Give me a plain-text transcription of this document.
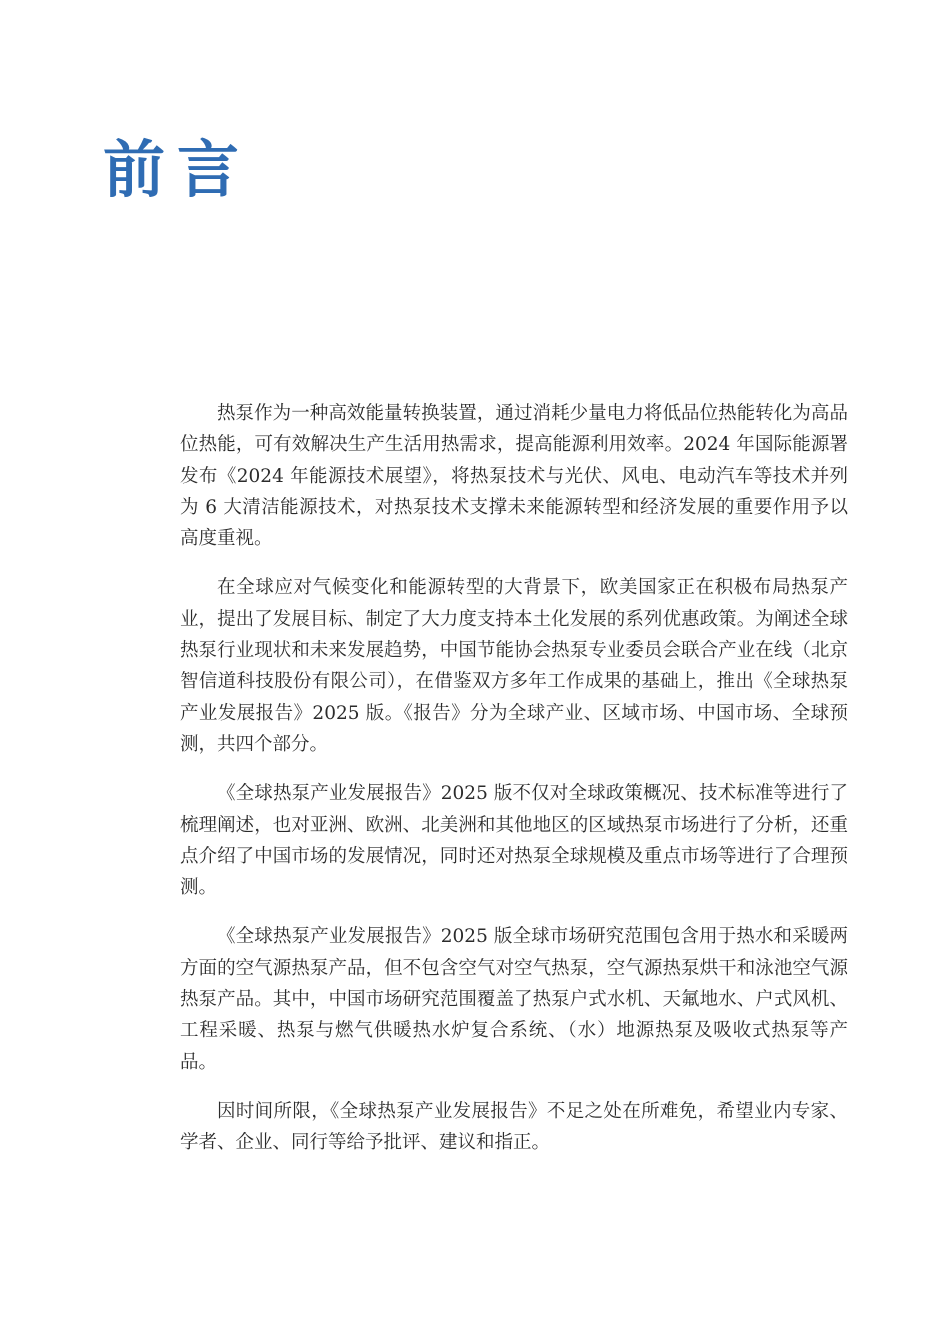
前言

热泵作为一种高效能量转换装置，通过消耗少量电力将低品位热能转化为高品位热能，可有效解决生产生活用热需求，提高能源利用效率。2024 年国际能源署发布《2024 年能源技术展望》，将热泵技术与光伏、风电、电动汽车等技术并列为 6 大清洁能源技术，对热泵技术支撑未来能源转型和经济发展的重要作用予以高度重视。

在全球应对气候变化和能源转型的大背景下，欧美国家正在积极布局热泵产业，提出了发展目标、制定了大力度支持本土化发展的系列优惠政策。为阐述全球热泵行业现状和未来发展趋势，中国节能协会热泵专业委员会联合产业在线（北京智信道科技股份有限公司），在借鉴双方多年工作成果的基础上，推出《全球热泵产业发展报告》2025 版。《报告》分为全球产业、区域市场、中国市场、全球预测，共四个部分。

《全球热泵产业发展报告》2025 版不仅对全球政策概况、技术标准等进行了梳理阐述，也对亚洲、欧洲、北美洲和其他地区的区域热泵市场进行了分析，还重点介绍了中国市场的发展情况，同时还对热泵全球规模及重点市场等进行了合理预测。

《全球热泵产业发展报告》2025 版全球市场研究范围包含用于热水和采暖两方面的空气源热泵产品，但不包含空气对空气热泵，空气源热泵烘干和泳池空气源热泵产品。其中，中国市场研究范围覆盖了热泵户式水机、天氟地水、户式风机、工程采暖、热泵与燃气供暖热水炉复合系统、（水）地源热泵及吸收式热泵等产品。

因时间所限，《全球热泵产业发展报告》不足之处在所难免，希望业内专家、学者、企业、同行等给予批评、建议和指正。
